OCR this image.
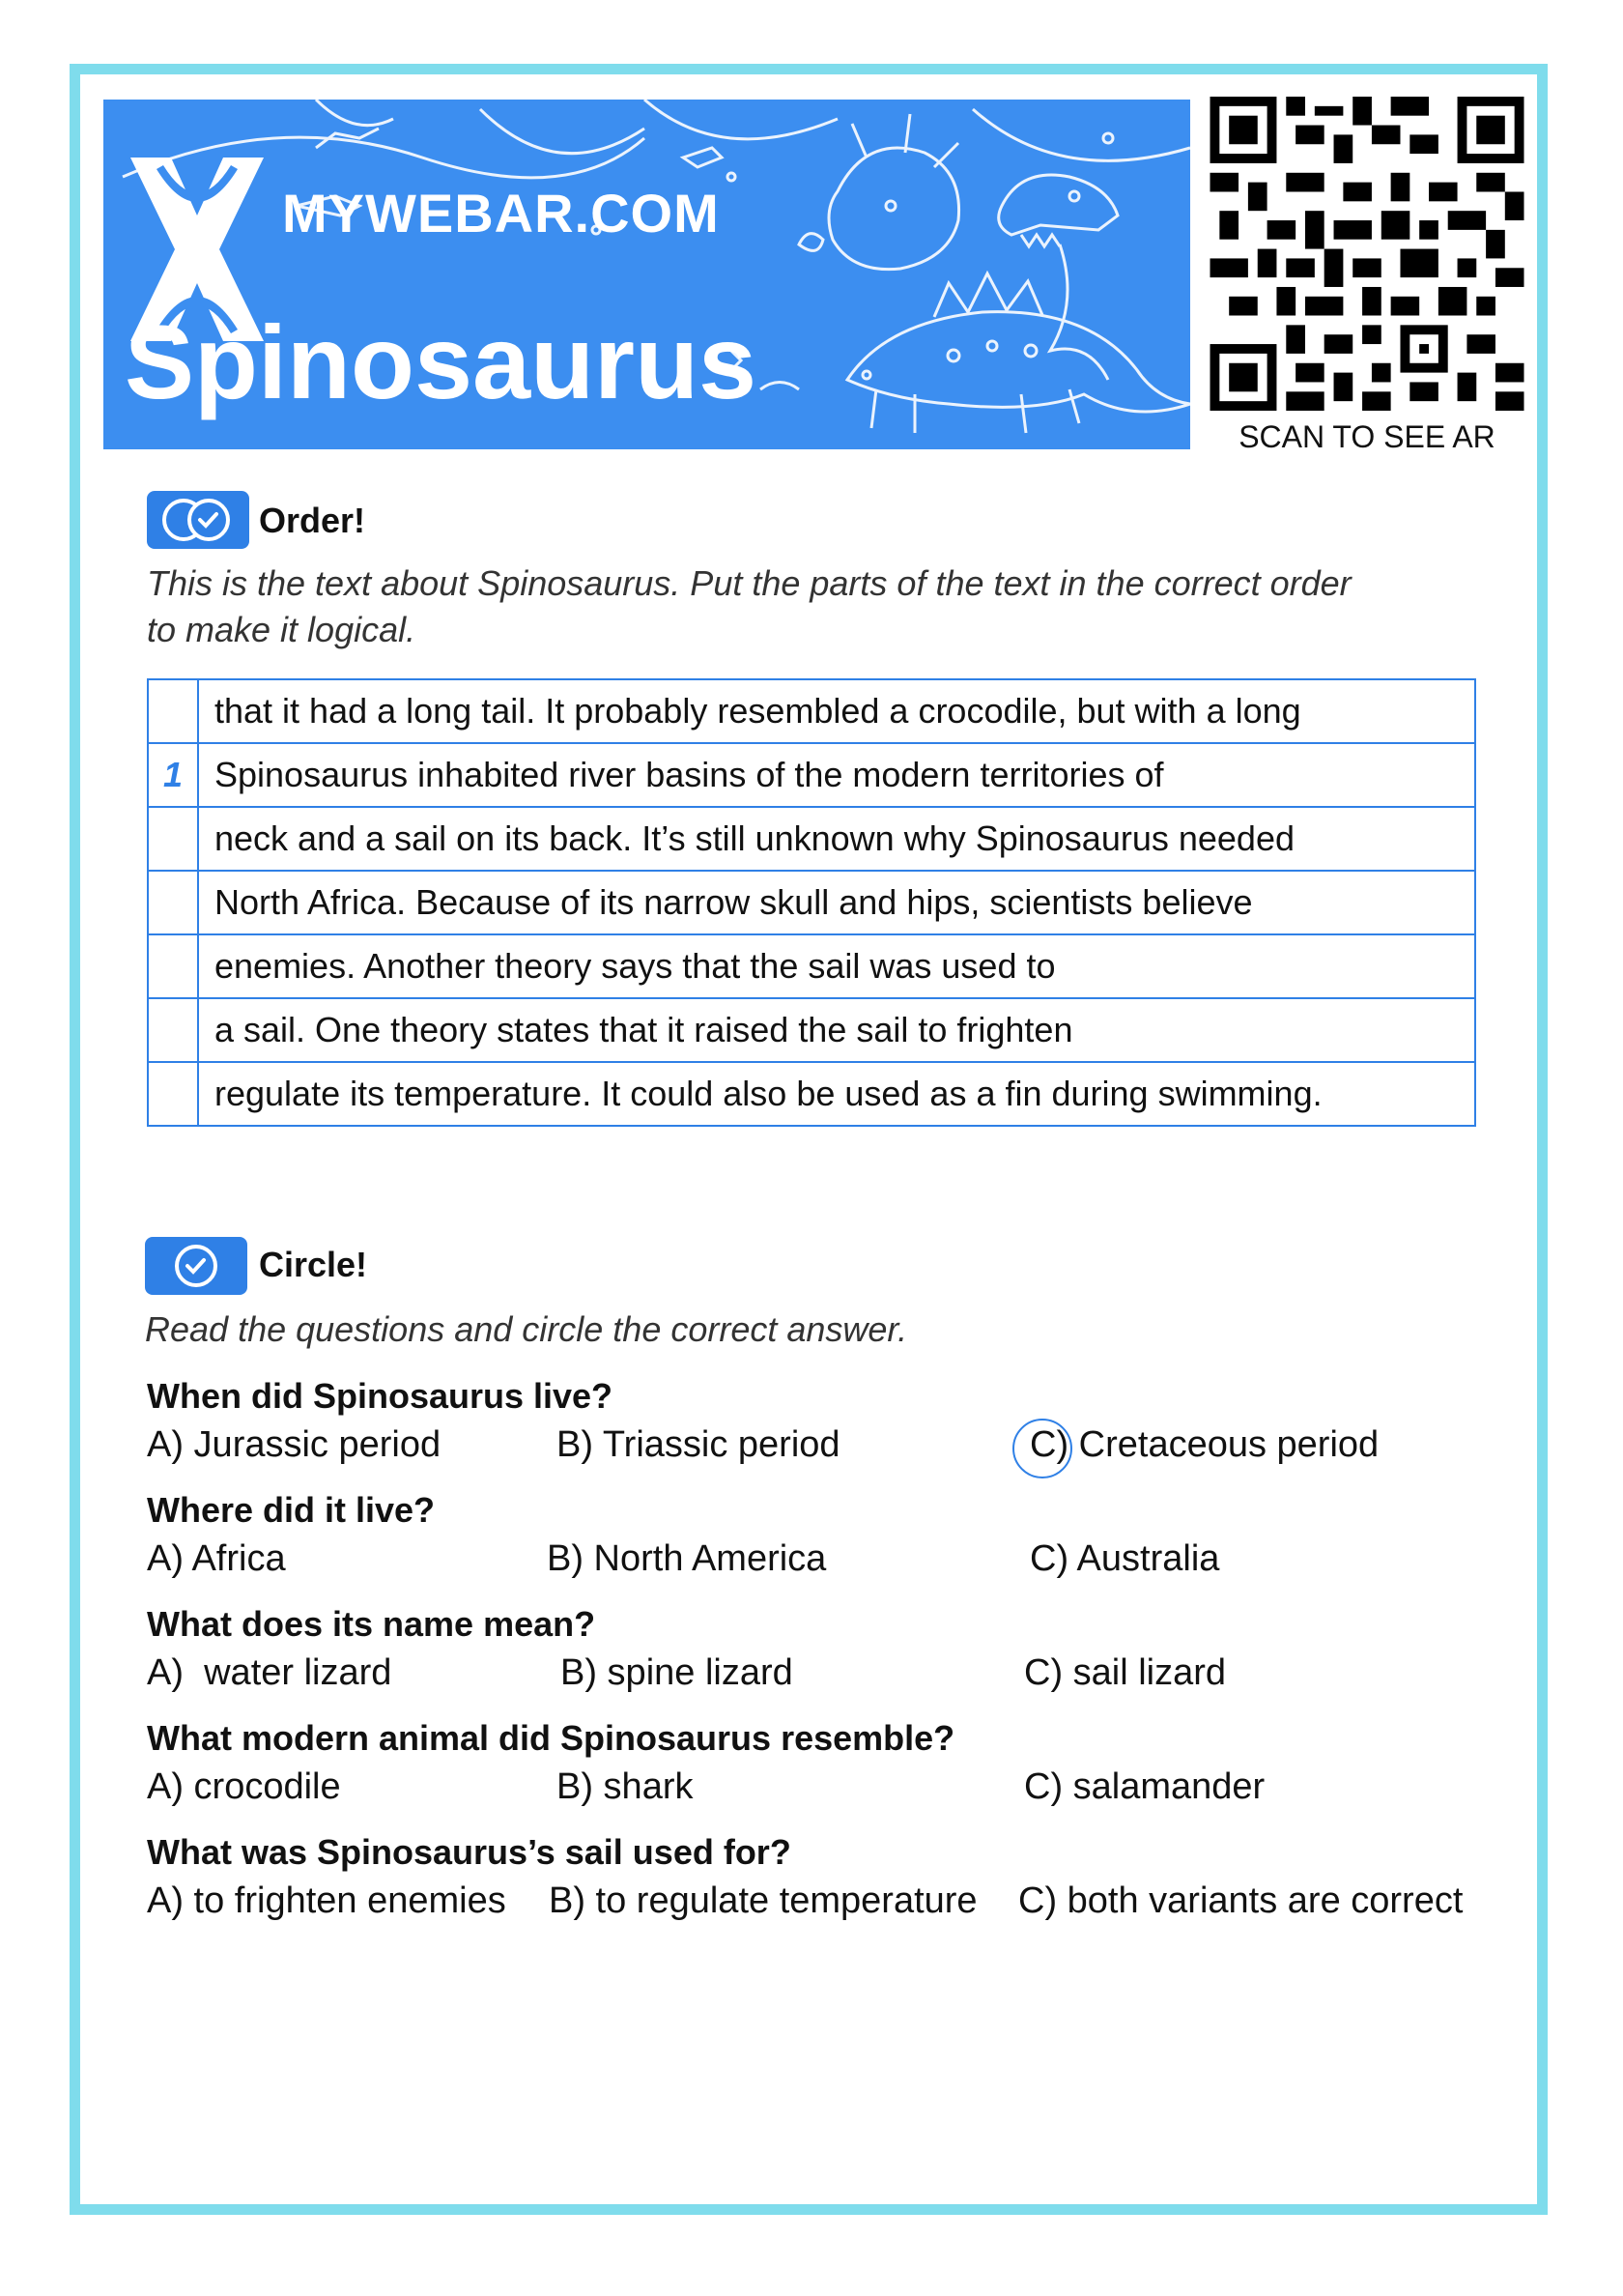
MYWEBAR.COM
Spinosaurus
SCAN TO SEE AR
Order!
This is the text about Spinosaurus. Put the parts of the text in the correct order
to make it logical.
	that it had a long tail. It probably resembled a crocodile, but with a long
1	Spinosaurus inhabited river basins of the modern territories of
	neck and a sail on its back. It’s still unknown why Spinosaurus needed
	North Africa. Because of its narrow skull and hips, scientists believe
	enemies. Another theory says that the sail was used to
	a sail. One theory states that it raised the sail to frighten
	regulate its temperature. It could also be used as a fin during swimming.
Circle!
Read the questions and circle the correct answer.
When did Spinosaurus live?
A) Jurassic period	B) Triassic period	C) Cretaceous period
Where did it live?
A) Africa	B) North America	C) Australia
What does its name mean?
A)  water lizard	B) spine lizard	C) sail lizard
What modern animal did Spinosaurus resemble?
A) crocodile	B) shark	C) salamander
What was Spinosaurus’s sail used for?
A) to frighten enemies B) to regulate temperature C) both variants are correct
